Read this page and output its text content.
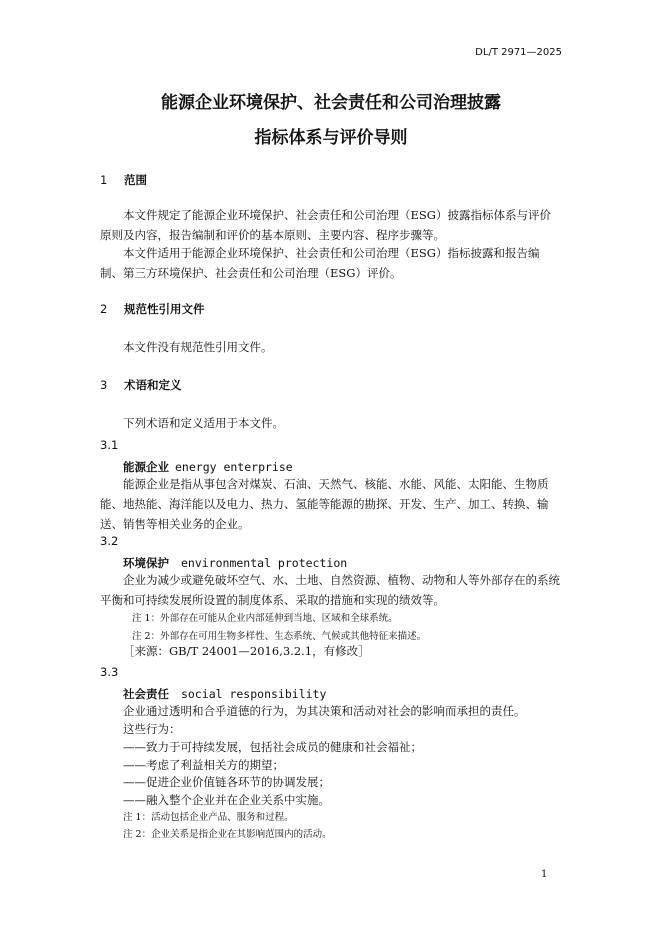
DL/T 2971—2025
能源企业环境保护、社会责任和公司治理披露
指标体系与评价导则
1 范围
本文件规定了能源企业环境保护、社会责任和公司治理（ESG）披露指标体系与评价原则及内容，报告编制和评价的基本原则、主要内容、程序步骤等。
本文件适用于能源企业环境保护、社会责任和公司治理（ESG）指标披露和报告编制、第三方环境保护、社会责任和公司治理（ESG）评价。
2 规范性引用文件
本文件没有规范性引用文件。
3 术语和定义
下列术语和定义适用于本文件。
3.1
能源企业 energy enterprise
能源企业是指从事包含对煤炭、石油、天然气、核能、水能、风能、太阳能、生物质能、地热能、海洋能以及电力、热力、氢能等能源的勘探、开发、生产、加工、转换、输送、销售等相关业务的企业。
3.2
环境保护 environmental protection
企业为减少或避免破坏空气、水、土地、自然资源、植物、动物和人等外部存在的系统平衡和可持续发展所设置的制度体系、采取的措施和实现的绩效等。
注 1：外部存在可能从企业内部延伸到当地、区域和全球系统。
注 2：外部存在可用生物多样性、生态系统、气候或其他特征来描述。
［来源：GB/T 24001—2016,3.2.1，有修改］
3.3
社会责任 social responsibility
企业通过透明和合乎道德的行为，为其决策和活动对社会的影响而承担的责任。
这些行为：
——致力于可持续发展，包括社会成员的健康和社会福祉；
——考虑了利益相关方的期望；
——促进企业价值链各环节的协调发展；
——融入整个企业并在企业关系中实施。
注 1：活动包括企业产品、服务和过程。
注 2：企业关系是指企业在其影响范围内的活动。
1
